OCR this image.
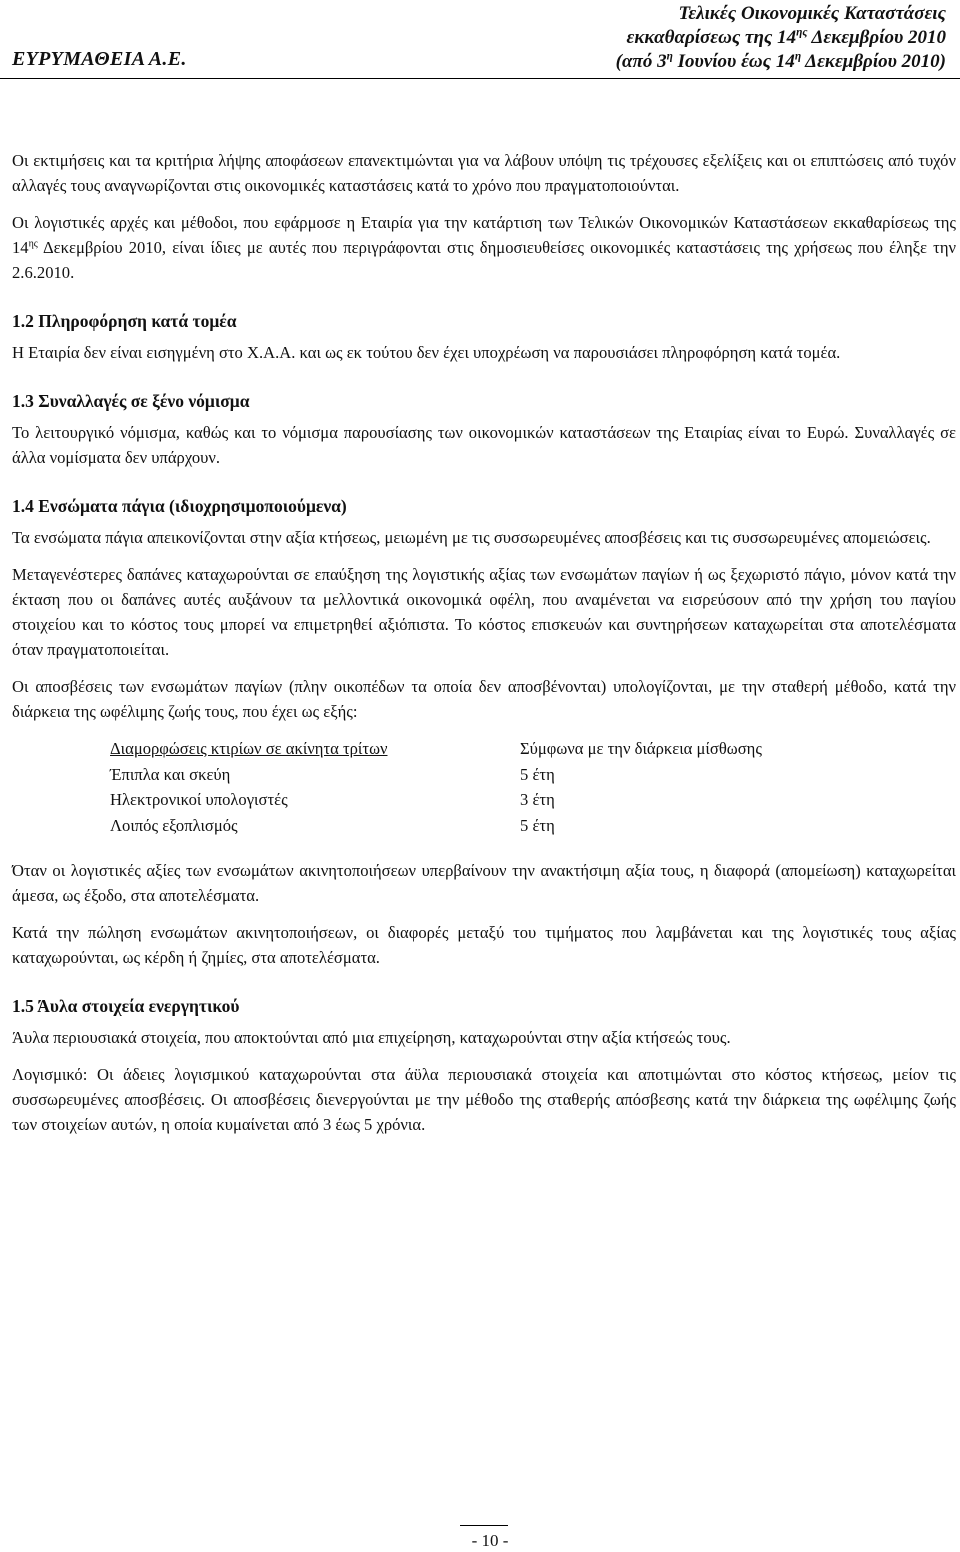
ΕΥΡΥΜΑΘΕΙΑ Α.Ε.
Τελικές Οικονομικές Καταστάσεις
εκκαθαρίσεως της $14^{\eta\varsigma}$ Δεκεμβρίου 2010
(από $3^\eta$ Ιουνίου έως $14^\eta$ Δεκεμβρίου 2010)

Οι εκτιμήσεις και τα κριτήρια λήψης αποφάσεων επανεκτιμώνται για να λάβουν υπόψη τις τρέχουσες εξελίξεις και οι επιπτώσεις από τυχόν αλλαγές τους αναγνωρίζονται στις οικονομικές καταστάσεις κατά το χρόνο που πραγματοποιούνται.

Οι λογιστικές αρχές και μέθοδοι, που εφάρμοσε η Εταιρία για την κατάρτιση των Τελικών Οικονομικών Καταστάσεων εκκαθαρίσεως της $14^{\eta\varsigma}$ Δεκεμβρίου 2010, είναι ίδιες με αυτές που περιγράφονται στις δημοσιευθείσες οικονομικές καταστάσεις της χρήσεως που έληξε την 2.6.2010.

1.2 Πληροφόρηση κατά τομέα

Η Εταιρία δεν είναι εισηγμένη στο Χ.Α.Α. και ως εκ τούτου δεν έχει υποχρέωση να παρουσιάσει πληροφόρηση κατά τομέα.

1.3 Συναλλαγές σε ξένο νόμισμα

Το λειτουργικό νόμισμα, καθώς και το νόμισμα παρουσίασης των οικονομικών καταστάσεων της Εταιρίας είναι το Ευρώ. Συναλλαγές σε άλλα νομίσματα δεν υπάρχουν.

1.4 Ενσώματα πάγια (ιδιοχρησιμοποιούμενα)

Τα ενσώματα πάγια απεικονίζονται στην αξία κτήσεως, μειωμένη με τις συσσωρευμένες αποσβέσεις και τις συσσωρευμένες απομειώσεις.

Μεταγενέστερες δαπάνες καταχωρούνται σε επαύξηση της λογιστικής αξίας των ενσωμάτων παγίων ή ως ξεχωριστό πάγιο, μόνον κατά την έκταση που οι δαπάνες αυτές αυξάνουν τα μελλοντικά οικονομικά οφέλη, που αναμένεται να εισρεύσουν από την χρήση του παγίου στοιχείου και το κόστος τους μπορεί να επιμετρηθεί αξιόπιστα. Το κόστος επισκευών και συντηρήσεων καταχωρείται στα αποτελέσματα όταν πραγματοποιείται.

Οι αποσβέσεις των ενσωμάτων παγίων (πλην οικοπέδων τα οποία δεν αποσβένονται) υπολογίζονται, με την σταθερή μέθοδο, κατά την διάρκεια της ωφέλιμης ζωής τους, που έχει ως εξής:

Διαμορφώσεις κτιρίων σε ακίνητα τρίτων	Σύμφωνα με την διάρκεια μίσθωσης
Έπιπλα και σκεύη	5 έτη
Ηλεκτρονικοί υπολογιστές	3 έτη
Λοιπός εξοπλισμός	5 έτη

Όταν οι λογιστικές αξίες των ενσωμάτων ακινητοποιήσεων υπερβαίνουν την ανακτήσιμη αξία τους, η διαφορά (απομείωση) καταχωρείται άμεσα, ως έξοδο, στα αποτελέσματα.

Κατά την πώληση ενσωμάτων ακινητοποιήσεων, οι διαφορές μεταξύ του τιμήματος που λαμβάνεται και της λογιστικές τους αξίας καταχωρούνται, ως κέρδη ή ζημίες, στα αποτελέσματα.

1.5 Άυλα στοιχεία ενεργητικού

Άυλα περιουσιακά στοιχεία, που αποκτούνται από μια επιχείρηση, καταχωρούνται στην αξία κτήσεώς τους.

Λογισμικό: Οι άδειες λογισμικού καταχωρούνται στα άϋλα περιουσιακά στοιχεία και αποτιμώνται στο κόστος κτήσεως, μείον τις συσσωρευμένες αποσβέσεις. Οι αποσβέσεις διενεργούνται με την μέθοδο της σταθερής απόσβεσης κατά την διάρκεια της ωφέλιμης ζωής των στοιχείων αυτών, η οποία κυμαίνεται από 3 έως 5 χρόνια.

- 10 -
